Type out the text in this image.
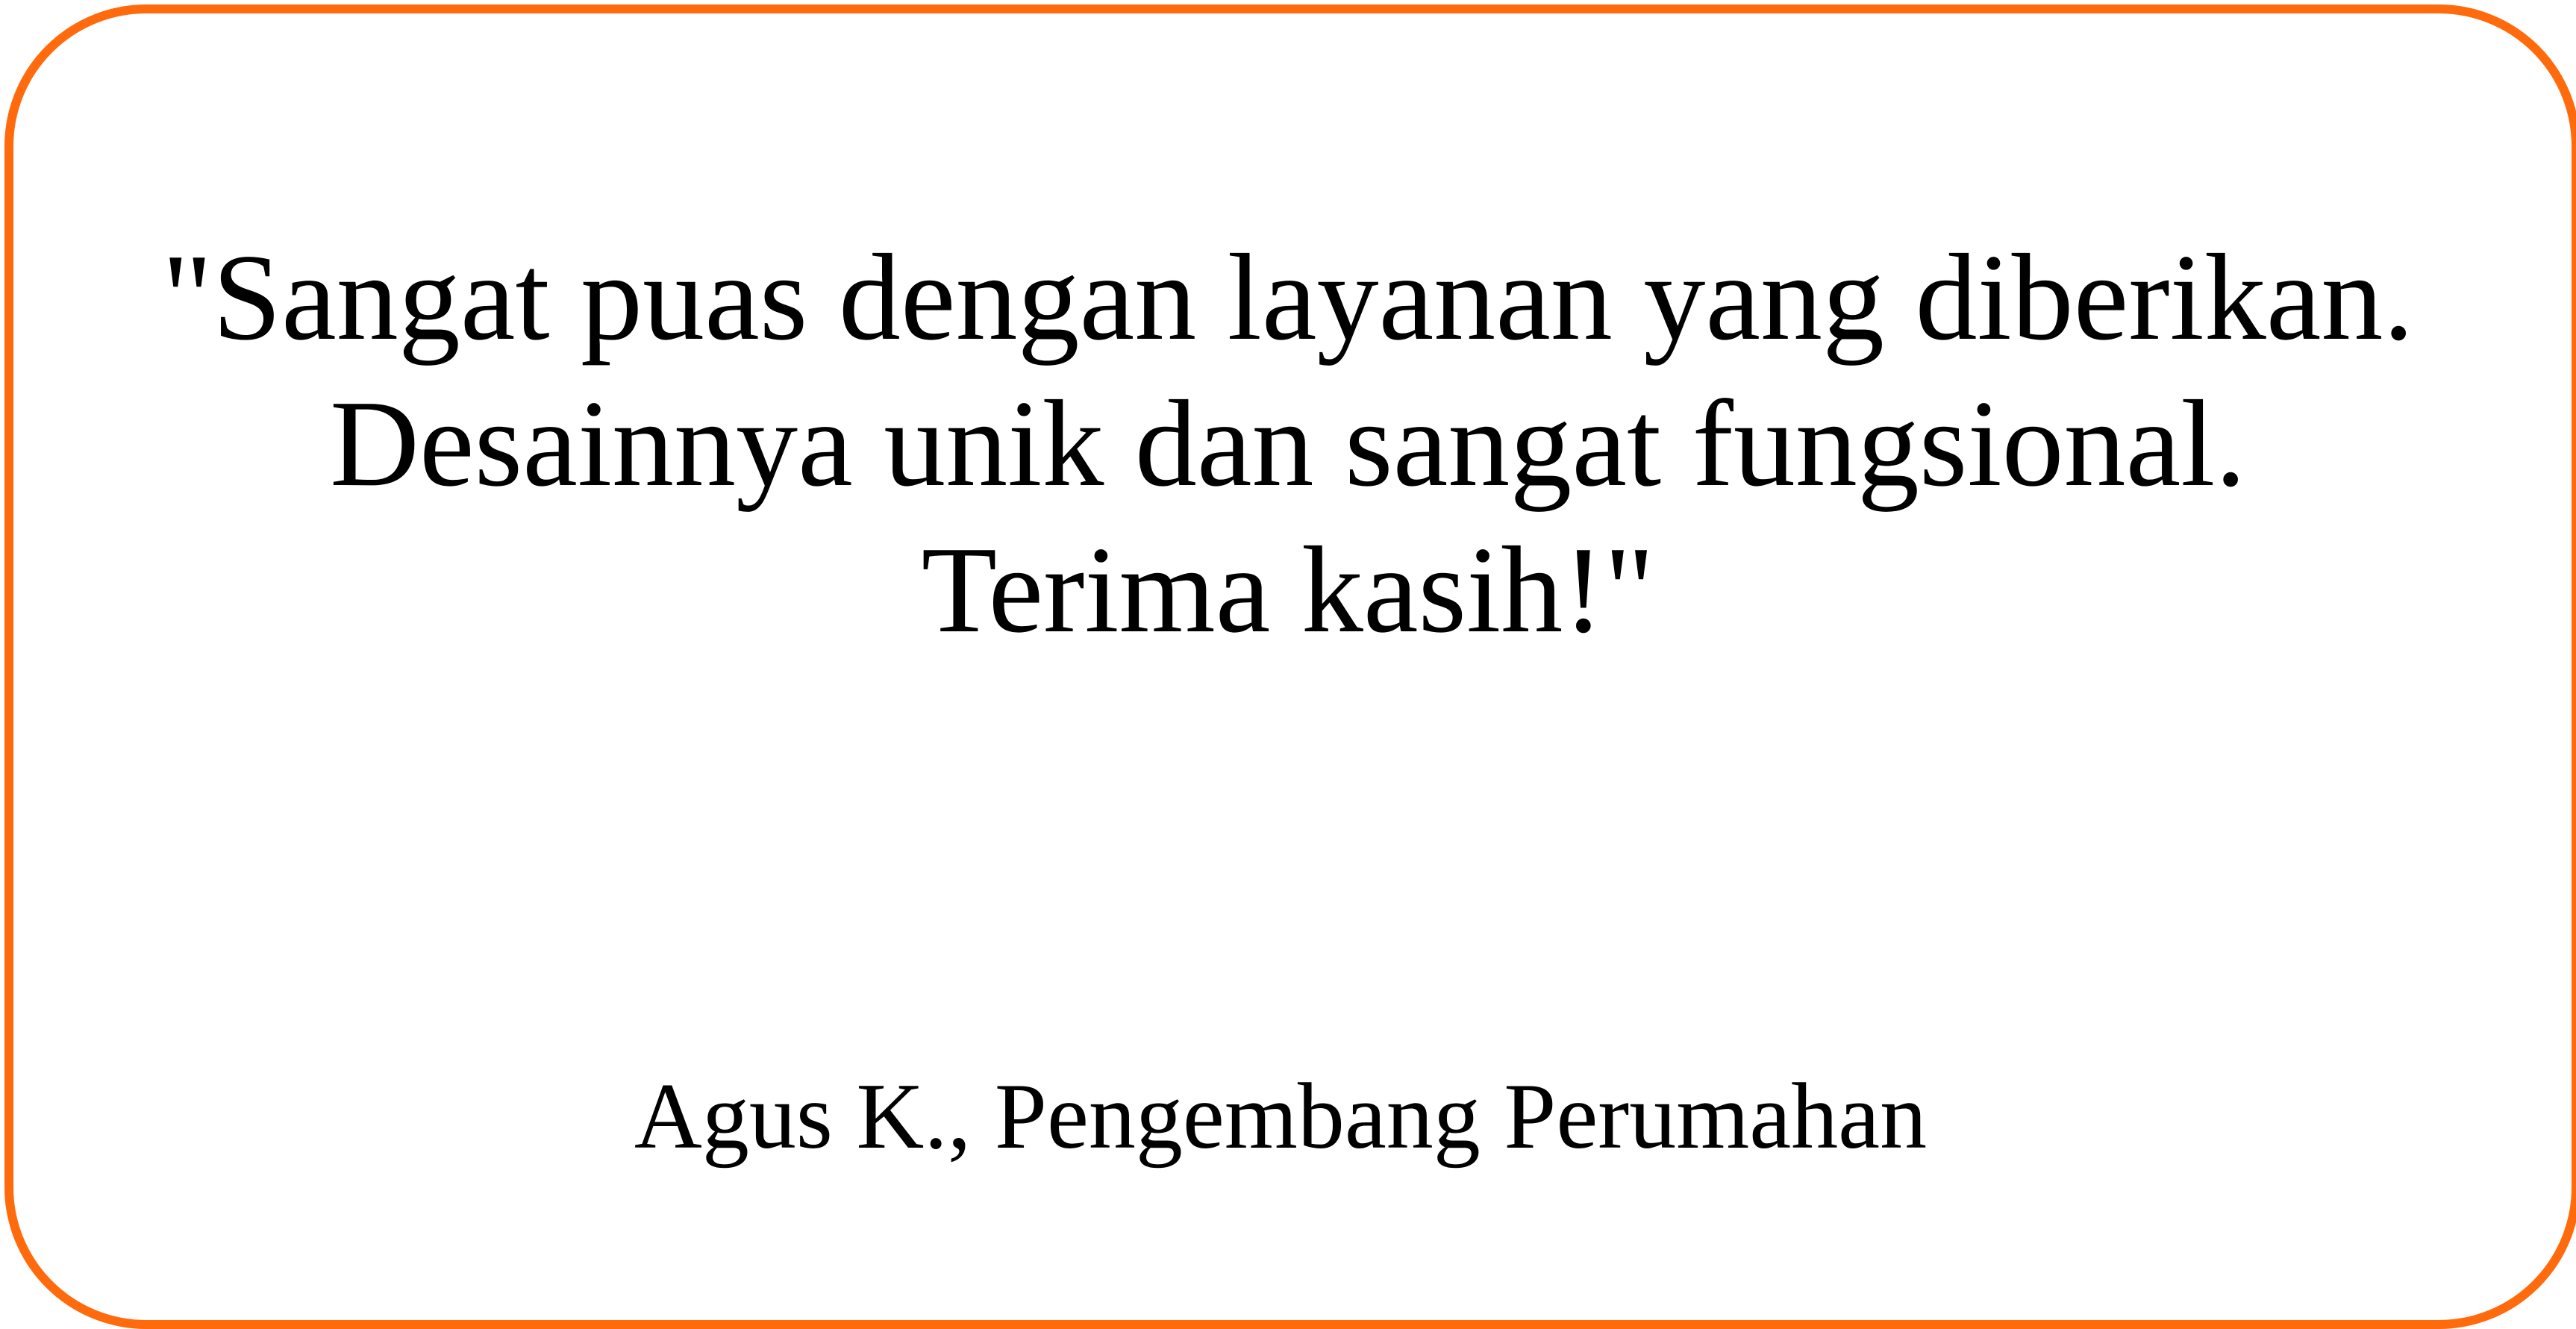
"Sangat puas dengan layanan yang diberikan.
Desainnya unik dan sangat fungsional.
Terima kasih!"
Agus K., Pengembang Perumahan
